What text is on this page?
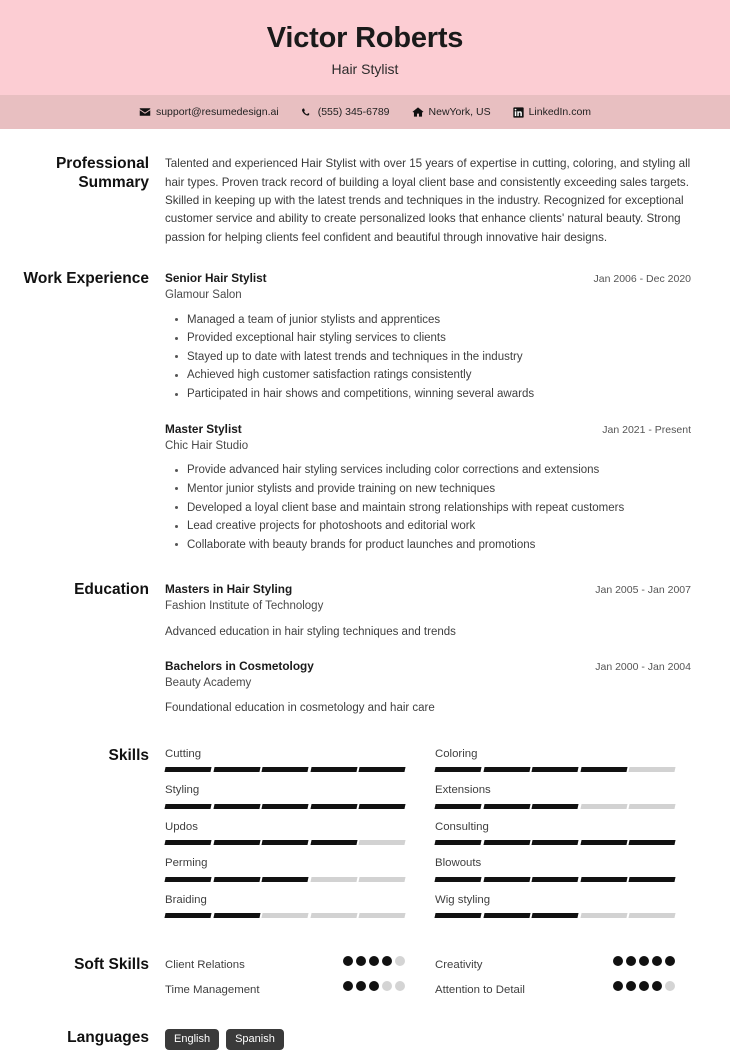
Victor Roberts
Hair Stylist
support@resumedesign.ai	(555) 345-6789	NewYork, US	LinkedIn.com
Professional Summary
Talented and experienced Hair Stylist with over 15 years of expertise in cutting, coloring, and styling all hair types. Proven track record of building a loyal client base and consistently exceeding sales targets. Skilled in keeping up with the latest trends and techniques in the industry. Recognized for exceptional customer service and ability to create personalized looks that enhance clients' natural beauty. Strong passion for helping clients feel confident and beautiful through innovative hair designs.
Work Experience	Senior Hair Stylist	Jan 2006 - Dec 2020
Glamour Salon
Managed a team of junior stylists and apprentices
Provided exceptional hair styling services to clients
Stayed up to date with latest trends and techniques in the industry
Achieved high customer satisfaction ratings consistently
Participated in hair shows and competitions, winning several awards
Master Stylist	Jan 2021 - Present
Chic Hair Studio
Provide advanced hair styling services including color corrections and extensions
Mentor junior stylists and provide training on new techniques
Developed a loyal client base and maintain strong relationships with repeat customers
Lead creative projects for photoshoots and editorial work
Collaborate with beauty brands for product launches and promotions
Education	Masters in Hair Styling	Jan 2005 - Jan 2007
Fashion Institute of Technology
Advanced education in hair styling techniques and trends
Bachelors in Cosmetology	Jan 2000 - Jan 2004
Beauty Academy
Foundational education in cosmetology and hair care
Skills	Cutting	Coloring
Styling	Extensions
Updos	Consulting
Perming	Blowouts
Braiding	Wig styling
Soft Skills	Client Relations	Creativity
Time Management	Attention to Detail
Languages	English	Spanish
